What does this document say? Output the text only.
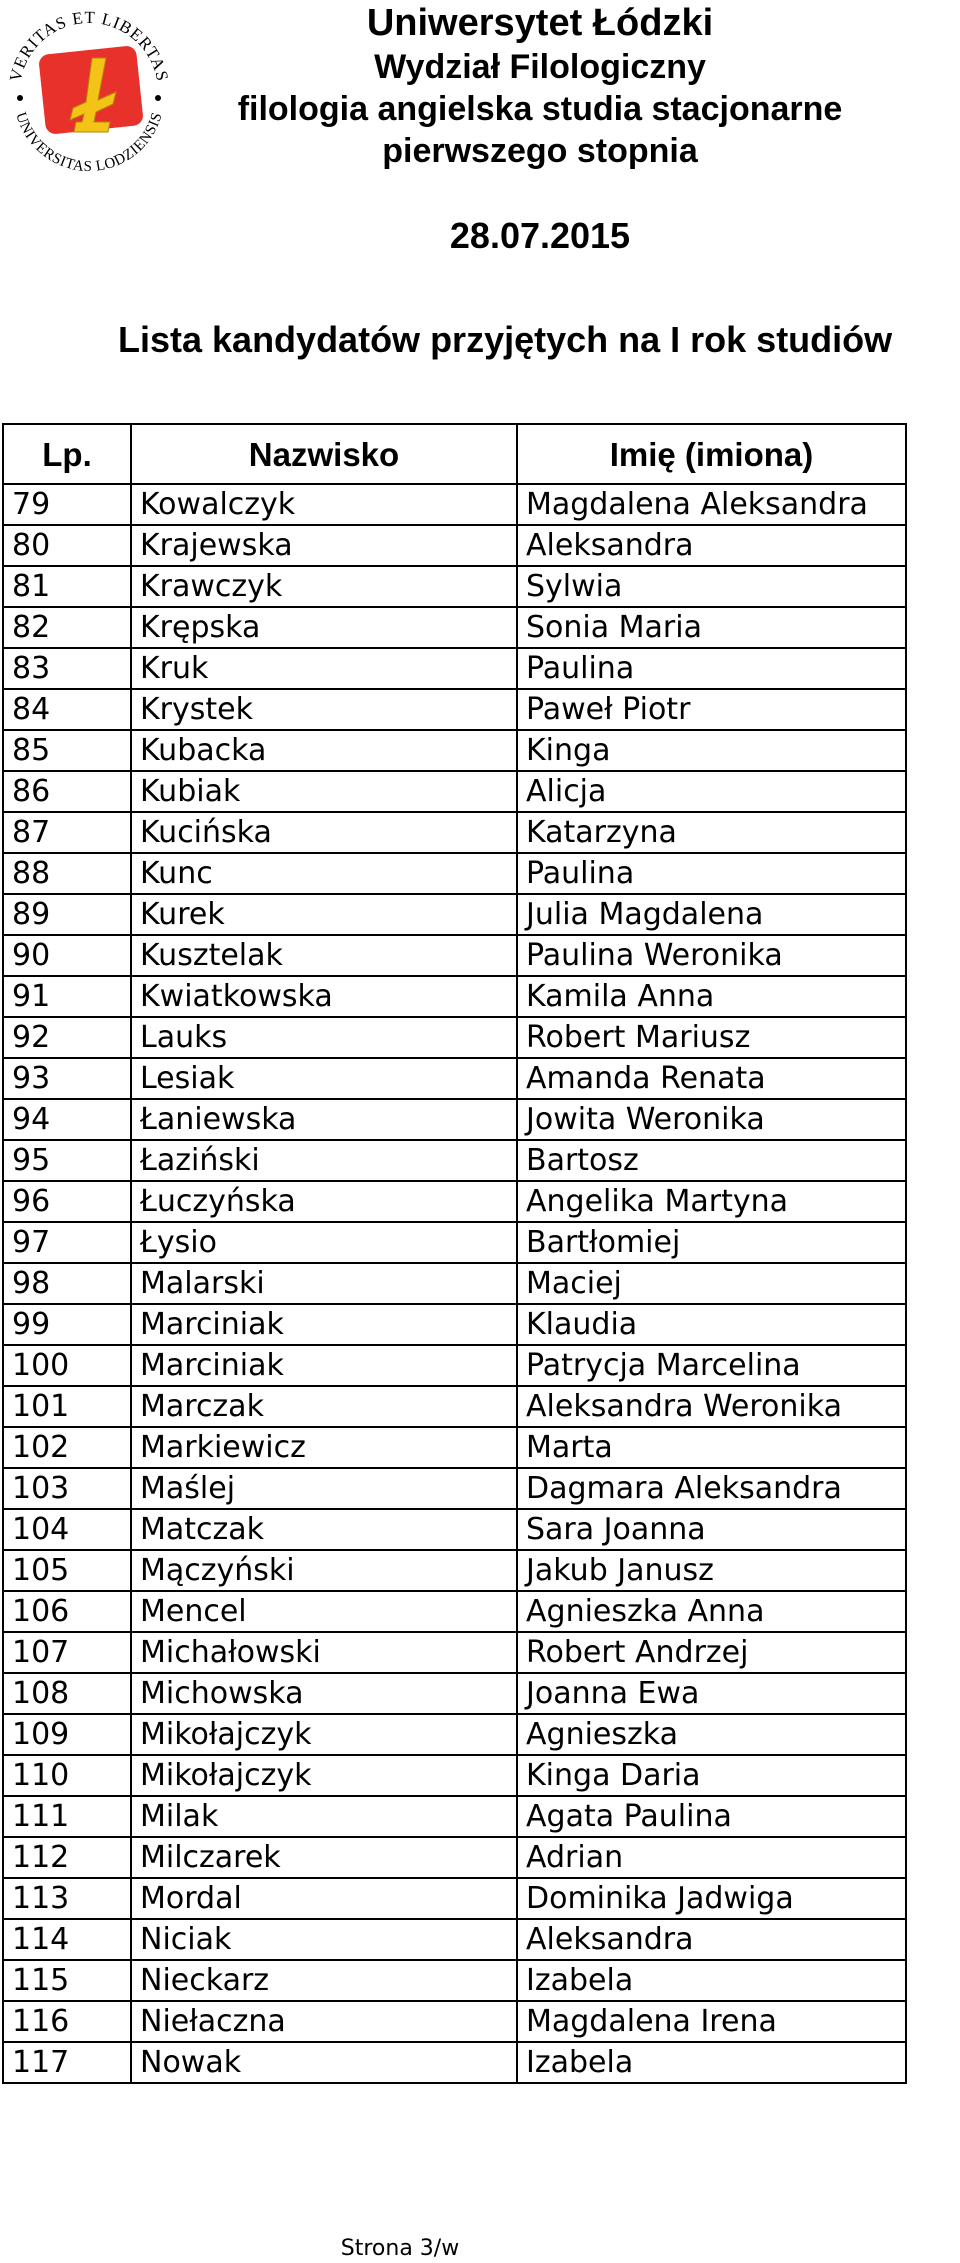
VERITAS ET LIBERTAS
UNIVERSITAS LODZIENSIS
Uniwersytet Łódzki
Wydział Filologiczny
filologia angielska studia stacjonarne
pierwszego stopnia
28.07.2015
Lista kandydatów przyjętych na I rok studiów
Lp.	Nazwisko	Imię (imiona)
79	Kowalczyk	Magdalena Aleksandra
80	Krajewska	Aleksandra
81	Krawczyk	Sylwia
82	Krępska	Sonia Maria
83	Kruk	Paulina
84	Krystek	Paweł Piotr
85	Kubacka	Kinga
86	Kubiak	Alicja
87	Kucińska	Katarzyna
88	Kunc	Paulina
89	Kurek	Julia Magdalena
90	Kusztelak	Paulina Weronika
91	Kwiatkowska	Kamila Anna
92	Lauks	Robert Mariusz
93	Lesiak	Amanda Renata
94	Łaniewska	Jowita Weronika
95	Łaziński	Bartosz
96	Łuczyńska	Angelika Martyna
97	Łysio	Bartłomiej
98	Malarski	Maciej
99	Marciniak	Klaudia
100	Marciniak	Patrycja Marcelina
101	Marczak	Aleksandra Weronika
102	Markiewicz	Marta
103	Maślej	Dagmara Aleksandra
104	Matczak	Sara Joanna
105	Mączyński	Jakub Janusz
106	Mencel	Agnieszka Anna
107	Michałowski	Robert Andrzej
108	Michowska	Joanna Ewa
109	Mikołajczyk	Agnieszka
110	Mikołajczyk	Kinga Daria
111	Milak	Agata Paulina
112	Milczarek	Adrian
113	Mordal	Dominika Jadwiga
114	Niciak	Aleksandra
115	Nieckarz	Izabela
116	Niełaczna	Magdalena Irena
117	Nowak	Izabela
Strona 3/w
